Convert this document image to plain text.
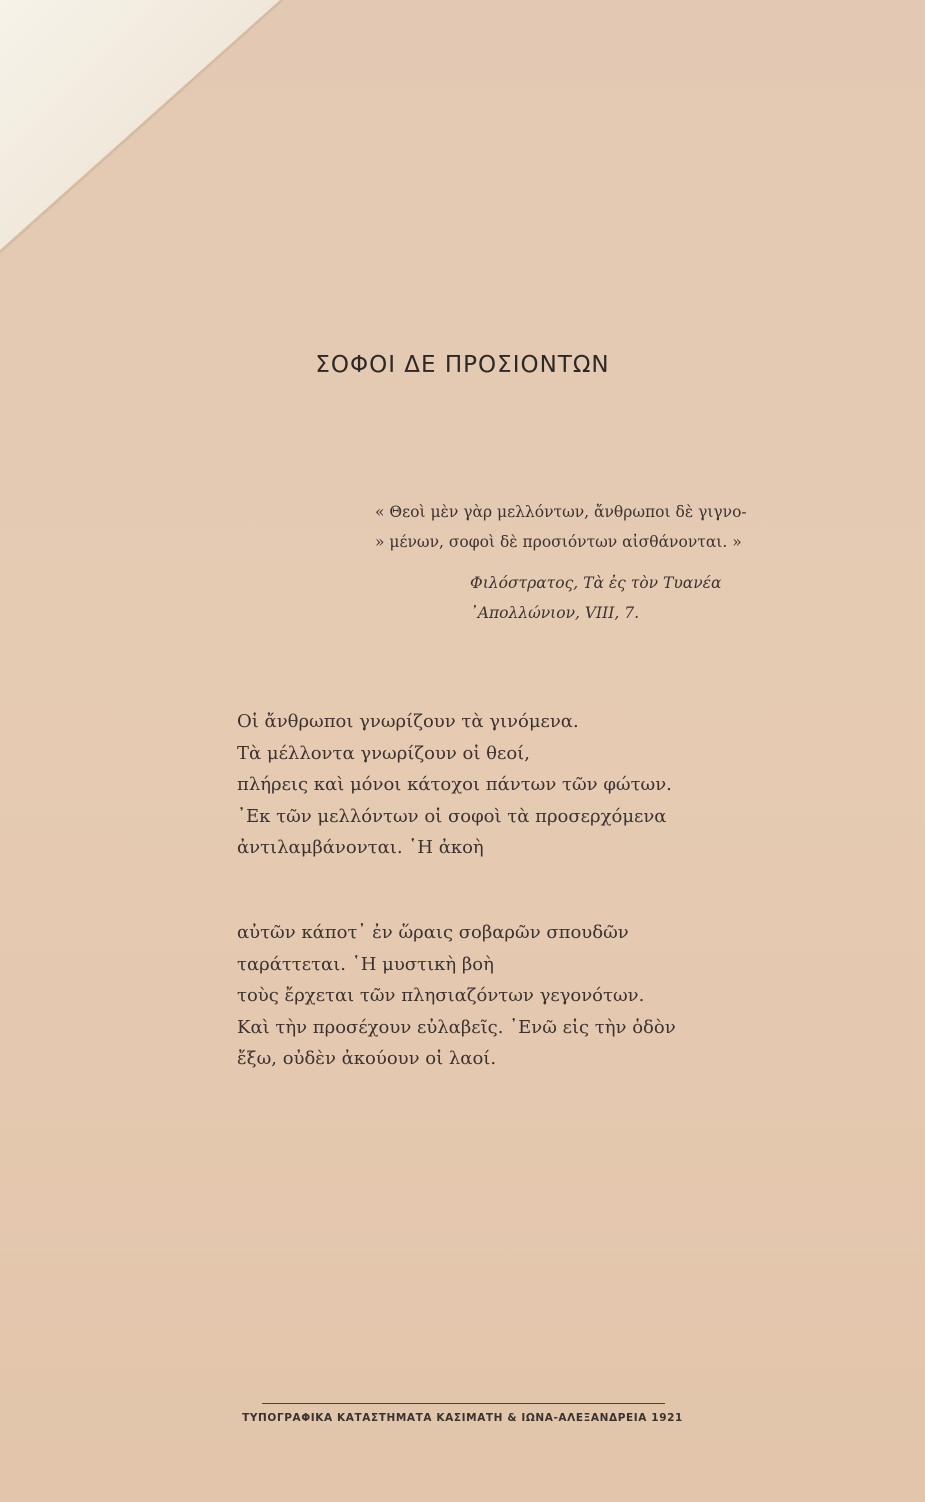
ΣΟΦΟΙ ΔΕ ΠΡΟΣΙΟΝΤΩΝ
« Θεοὶ μὲν γὰρ μελλόντων, ἄνθρωποι δὲ γιγνο-
» μένων, σοφοὶ δὲ προσιόντων αἰσθάνονται. »
Φιλόστρατος, Τὰ ἐς τὸν Τυανέα
᾿Απολλώνιον, VIII, 7.
Οἱ ἄνθρωποι γνωρίζουν τὰ γινόμενα.
Τὰ μέλλοντα γνωρίζουν οἱ θεοί,
πλήρεις καὶ μόνοι κάτοχοι πάντων τῶν φώτων.
᾿Εκ τῶν μελλόντων οἱ σοφοὶ τὰ προσερχόμενα
ἀντιλαμβάνονται. ῾Η ἀκοὴ
αὐτῶν κάποτ᾿ ἐν ὥραις σοβαρῶν σπουδῶν
ταράττεται. ῾Η μυστικὴ βοὴ
τοὺς ἔρχεται τῶν πλησιαζόντων γεγονότων.
Καὶ τὴν προσέχουν εὐλαβεῖς. ᾿Ενῶ εἰς τὴν ὁδὸν
ἔξω, οὐδὲν ἀκούουν οἱ λαοί.
ΤΥΠΟΓΡΑΦΙΚΑ ΚΑΤΑΣΤΗΜΑΤΑ ΚΑΣΙΜΑΤΗ & ΙΩΝΑ-ΑΛΕΞΑΝΔΡΕΙΑ 1921
